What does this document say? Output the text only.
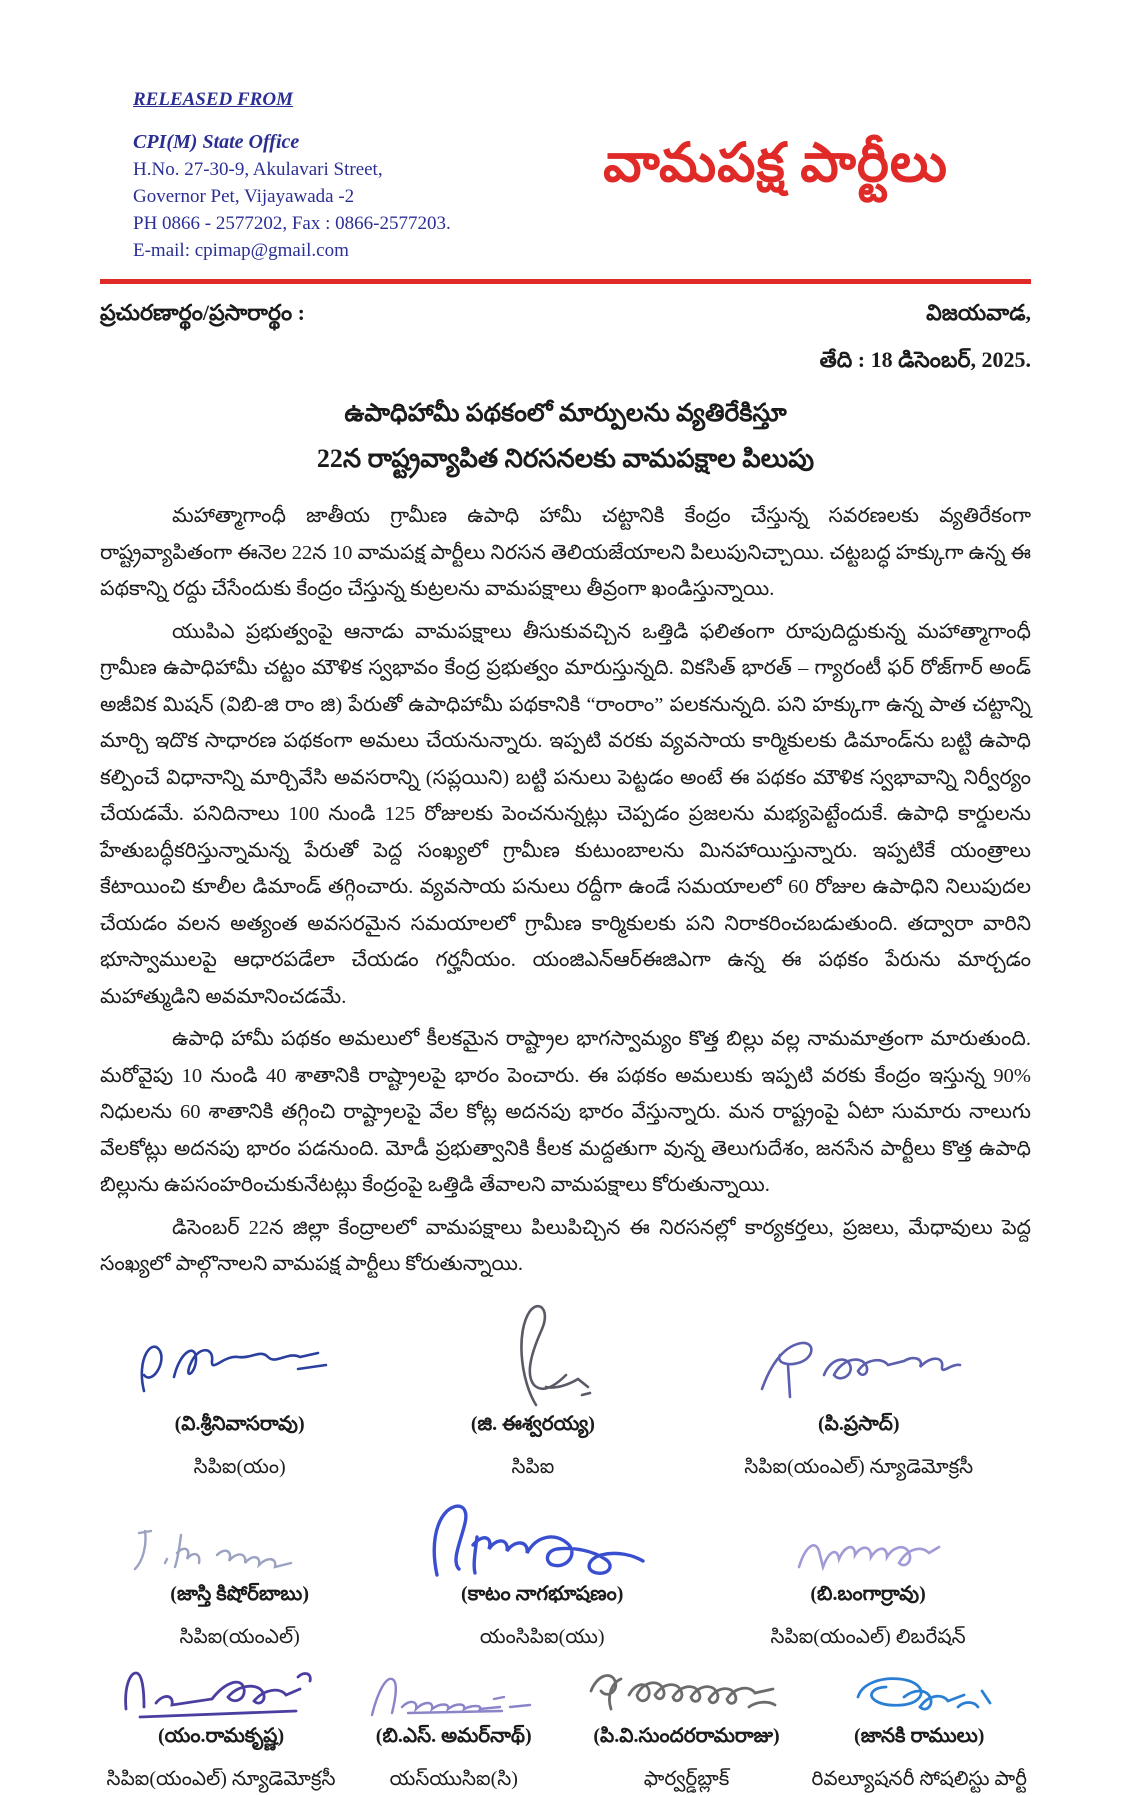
RELEASED FROM

CPI(M) State Office

H.No. 27-30-9, Akulavari Street,

Governor Pet, Vijayawada -2

PH 0866 - 2577202, Fax : 0866-2577203.

E-mail: cpimap@gmail.com

వామపక్ష పార్టీలు
ప్రచురణార్థం/ప్రసారార్థం :	విజయవాడ,
తేది : 18 డిసెంబర్, 2025.

ఉపాధిహామీ పథకంలో మార్పులను వ్యతిరేకిస్తూ

22న రాష్ట్రవ్యాపిత నిరసనలకు వామపక్షాల పిలుపు

మహాత్మాగాంధీ జాతీయ గ్రామీణ ఉపాధి హామీ చట్టానికి కేంద్రం చేస్తున్న సవరణలకు వ్యతిరేకంగా రాష్ట్రవ్యాపితంగా ఈనెల 22న 10 వామపక్ష పార్టీలు నిరసన తెలియజేయాలని పిలుపునిచ్చాయి. చట్టబద్ధ హక్కుగా ఉన్న ఈ పథకాన్ని రద్దు చేసేందుకు కేంద్రం చేస్తున్న కుట్రలను వామపక్షాలు తీవ్రంగా ఖండిస్తున్నాయి.

యుపిఎ ప్రభుత్వంపై ఆనాడు వామపక్షాలు తీసుకువచ్చిన ఒత్తిడి ఫలితంగా రూపుదిద్దుకున్న మహాత్మాగాంధీ గ్రామీణ ఉపాధిహామీ చట్టం మౌళిక స్వభావం కేంద్ర ప్రభుత్వం మారుస్తున్నది. వికసిత్ భారత్ – గ్యారంటీ ఫర్ రోజ్‌గార్ అండ్ అజీవిక మిషన్ (విబి-జి రాం జి) పేరుతో ఉపాధిహామీ పథకానికి “రాంరాం” పలకనున్నది. పని హక్కుగా ఉన్న పాత చట్టాన్ని మార్చి ఇదొక సాధారణ పథకంగా అమలు చేయనున్నారు. ఇప్పటి వరకు వ్యవసాయ కార్మికులకు డిమాండ్‌ను బట్టి ఉపాధి కల్పించే విధానాన్ని మార్చివేసి అవసరాన్ని (సప్లయిని) బట్టి పనులు పెట్టడం అంటే ఈ పథకం మౌళిక స్వభావాన్ని నిర్వీర్యం చేయడమే. పనిదినాలు 100 నుండి 125 రోజులకు పెంచనున్నట్లు చెప్పడం ప్రజలను మభ్యపెట్టేందుకే. ఉపాధి కార్డులను హేతుబద్ధీకరిస్తున్నామన్న పేరుతో పెద్ద సంఖ్యలో గ్రామీణ కుటుంబాలను మినహాయిస్తున్నారు. ఇప్పటికే యంత్రాలు కేటాయించి కూలీల డిమాండ్ తగ్గించారు. వ్యవసాయ పనులు రద్దీగా ఉండే సమయాలలో 60 రోజుల ఉపాధిని నిలుపుదల చేయడం వలన అత్యంత అవసరమైన సమయాలలో గ్రామీణ కార్మికులకు పని నిరాకరించబడుతుంది. తద్వారా వారిని భూస్వాములపై ఆధారపడేలా చేయడం గర్హనీయం. యంజిఎన్ఆర్ఈజిఎగా ఉన్న ఈ పథకం పేరును మార్చడం మహాత్ముడిని అవమానించడమే.

ఉపాధి హామీ పథకం అమలులో కీలకమైన రాష్ట్రాల భాగస్వామ్యం కొత్త బిల్లు వల్ల నామమాత్రంగా మారుతుంది. మరోవైపు 10 నుండి 40 శాతానికి రాష్ట్రాలపై భారం పెంచారు. ఈ పథకం అమలుకు ఇప్పటి వరకు కేంద్రం ఇస్తున్న 90% నిధులను 60 శాతానికి తగ్గించి రాష్ట్రాలపై వేల కోట్ల అదనపు భారం వేస్తున్నారు. మన రాష్ట్రంపై ఏటా సుమారు నాలుగు వేలకోట్లు అదనపు భారం పడనుంది. మోడీ ప్రభుత్వానికి కీలక మద్దతుగా వున్న తెలుగుదేశం, జనసేన పార్టీలు కొత్త ఉపాధి బిల్లును ఉపసంహరించుకునేటట్లు కేంద్రంపై ఒత్తిడి తేవాలని వామపక్షాలు కోరుతున్నాయి.

డిసెంబర్ 22న జిల్లా కేంద్రాలలో వామపక్షాలు పిలుపిచ్చిన ఈ నిరసనల్లో కార్యకర్తలు, ప్రజలు, మేధావులు పెద్ద సంఖ్యలో పాల్గొనాలని వామపక్ష పార్టీలు కోరుతున్నాయి.

(వి.శ్రీనివాసరావు)
సిపిఐ(యం)
(జి. ఈశ్వరయ్య)
సిపిఐ
(పి.ప్రసాద్)
సిపిఐ(యంఎల్) న్యూడెమోక్రసీ
(జాస్తి కిషోర్‌బాబు)
సిపిఐ(యంఎల్)
(కాటం నాగభూషణం)
యంసిపిఐ(యు)
(బి.బంగార్రావు)
సిపిఐ(యంఎల్) లిబరేషన్
(యం.రామకృష్ణ)
సిపిఐ(యంఎల్) న్యూడెమోక్రసీ
(బి.ఎస్. అమర్‌నాథ్)
యస్‌యుసిఐ(సి)
(పి.వి.సుందరరామరాజు)
ఫార్వర్డ్‌బ్లాక్
(జానకి రాములు)
రివల్యూషనరీ సోషలిస్టు పార్టీ
